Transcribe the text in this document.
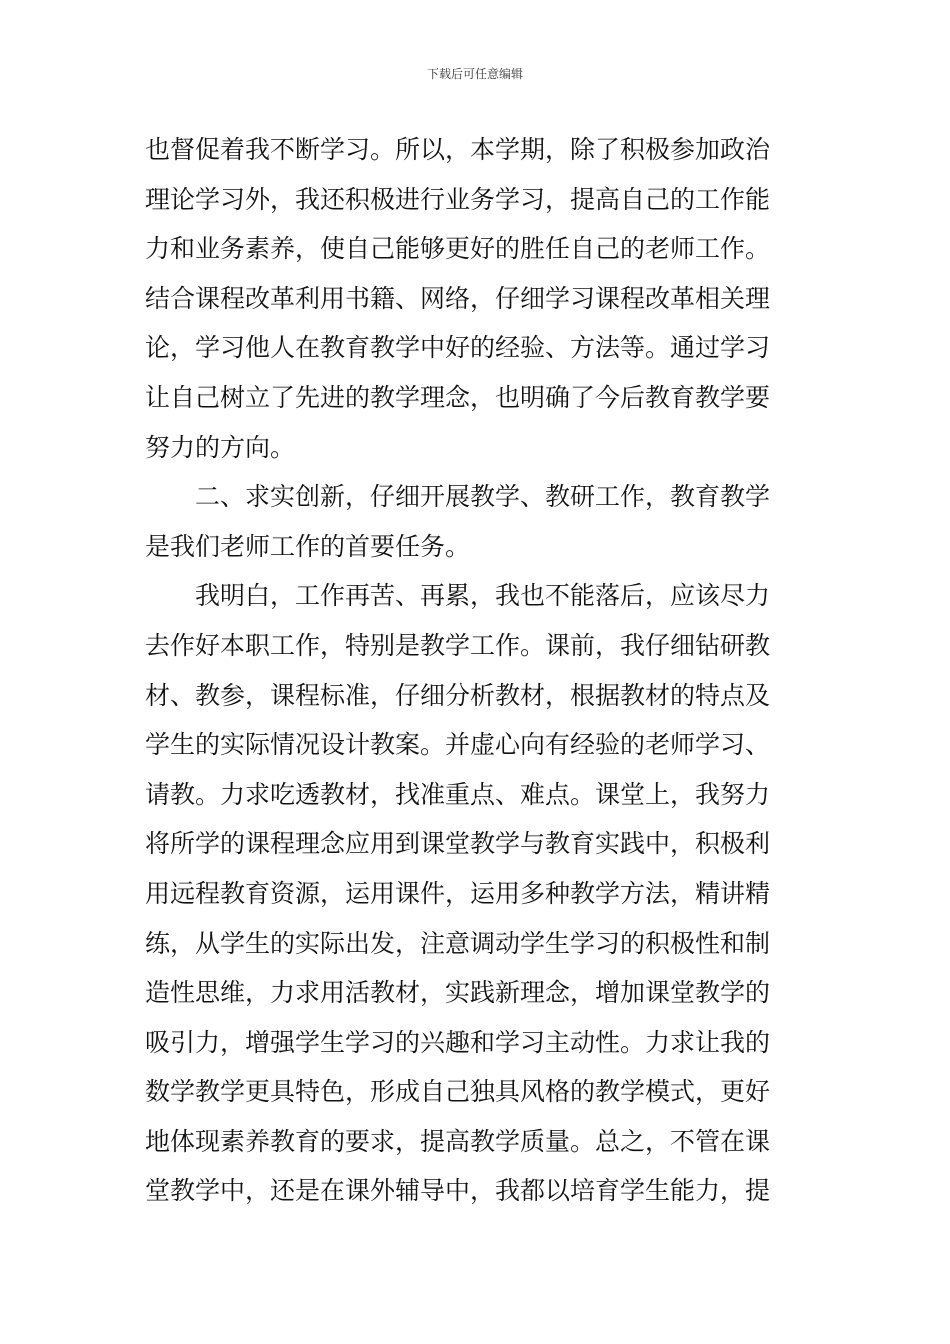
下载后可任意编辑
也督促着我不断学习。所以，本学期，除了积极参加政治
理论学习外，我还积极进行业务学习，提高自己的工作能
力和业务素养，使自己能够更好的胜任自己的老师工作。
结合课程改革利用书籍、网络，仔细学习课程改革相关理
论，学习他人在教育教学中好的经验、方法等。通过学习
让自己树立了先进的教学理念，也明确了今后教育教学要
努力的方向。
二、求实创新，仔细开展教学、教研工作，教育教学
是我们老师工作的首要任务。
我明白，工作再苦、再累，我也不能落后，应该尽力
去作好本职工作，特别是教学工作。课前，我仔细钻研教
材、教参，课程标准，仔细分析教材，根据教材的特点及
学生的实际情况设计教案。并虚心向有经验的老师学习、
请教。力求吃透教材，找准重点、难点。课堂上，我努力
将所学的课程理念应用到课堂教学与教育实践中，积极利
用远程教育资源，运用课件，运用多种教学方法，精讲精
练，从学生的实际出发，注意调动学生学习的积极性和制
造性思维，力求用活教材，实践新理念，增加课堂教学的
吸引力，增强学生学习的兴趣和学习主动性。力求让我的
数学教学更具特色，形成自己独具风格的教学模式，更好
地体现素养教育的要求，提高教学质量。总之，不管在课
堂教学中，还是在课外辅导中，我都以培育学生能力，提
